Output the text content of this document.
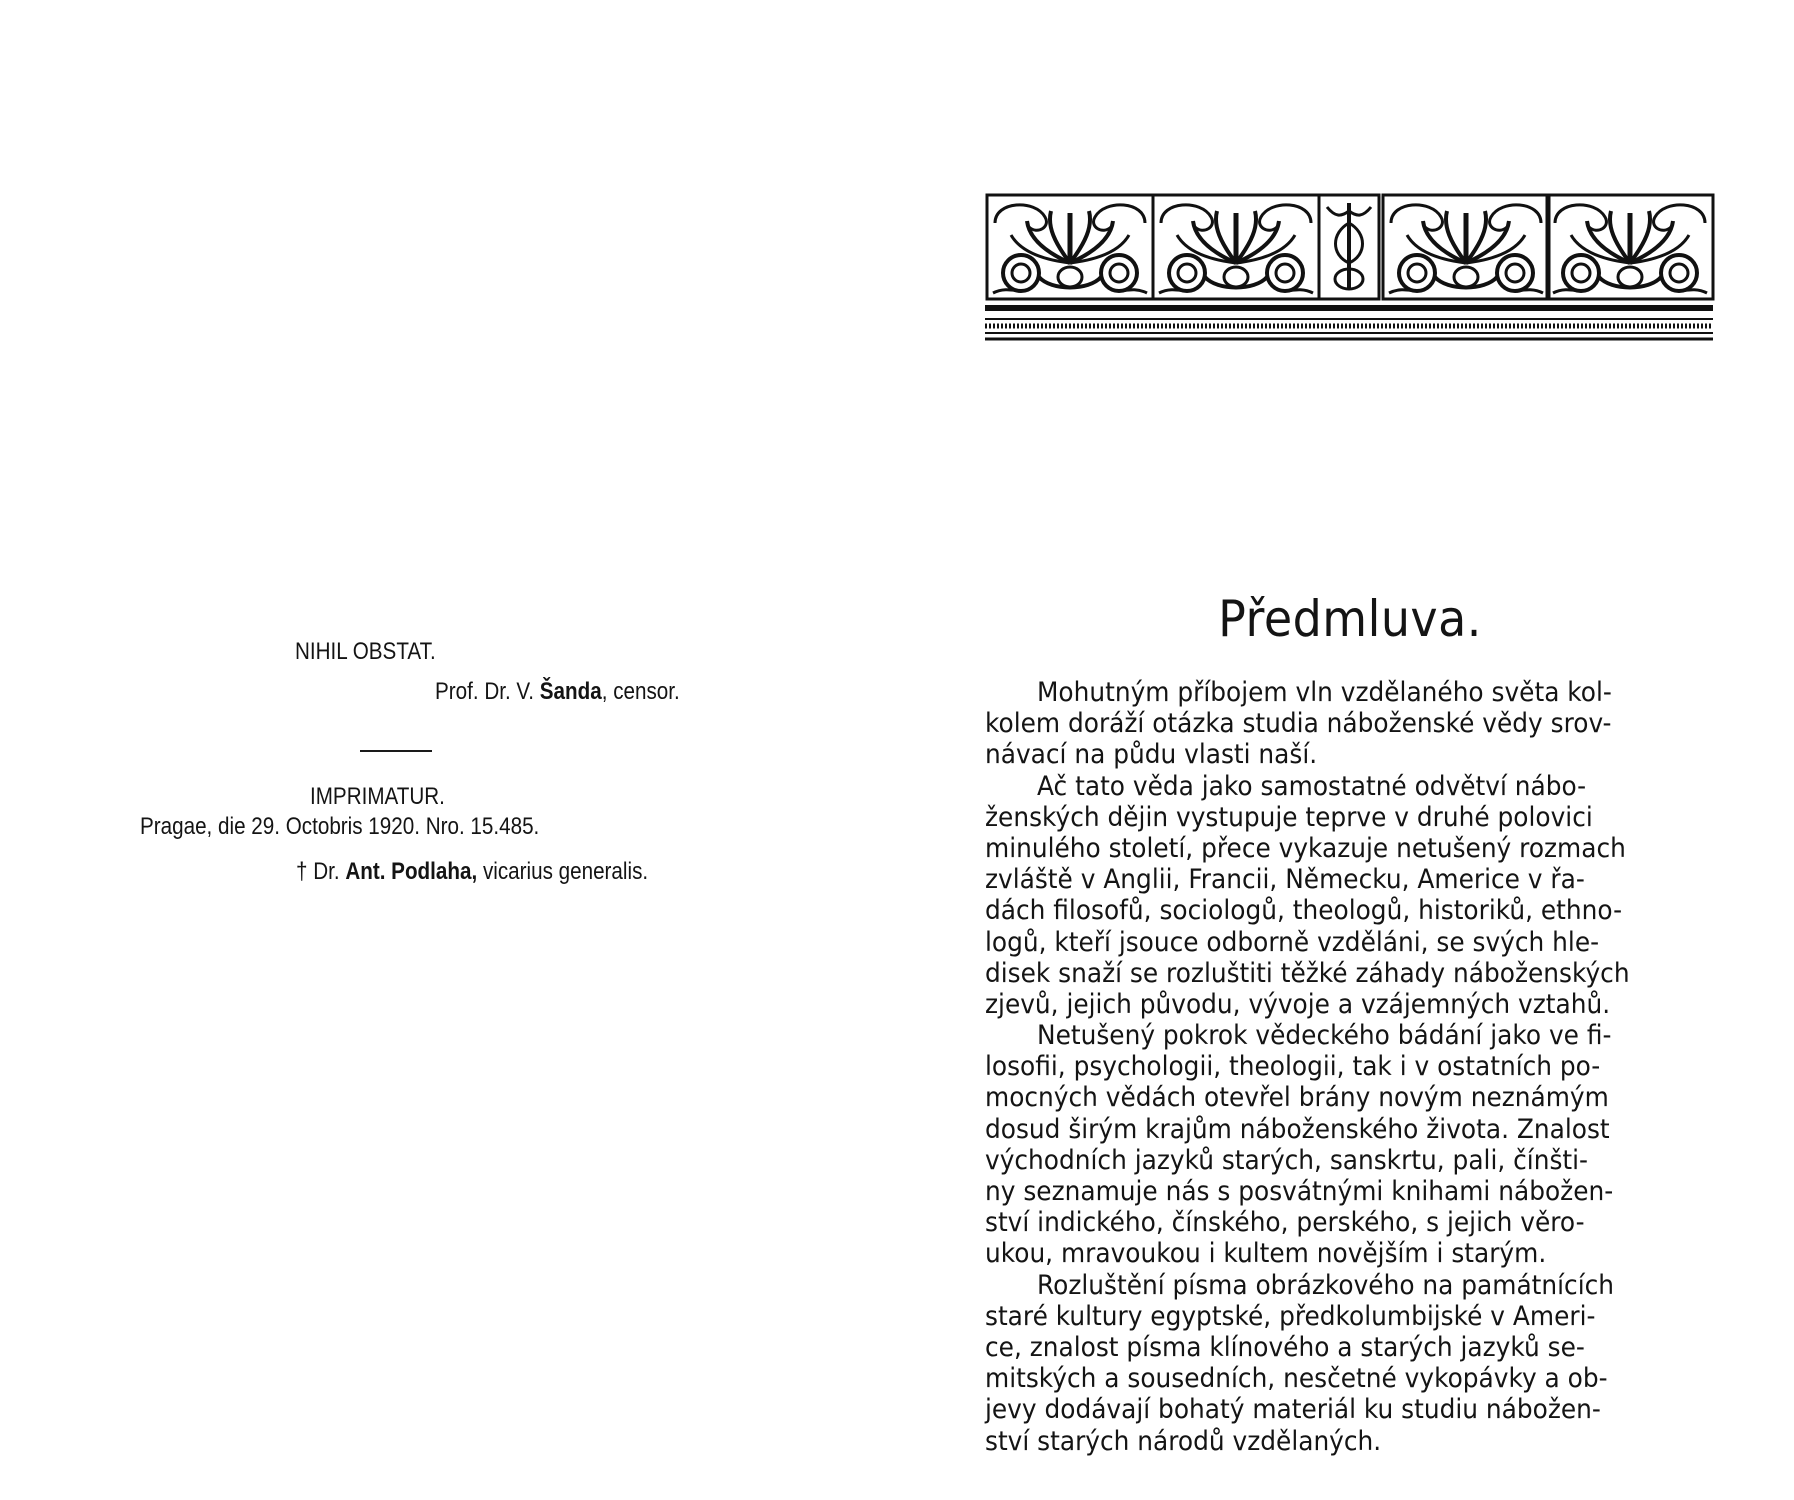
NIHIL OBSTAT.
Prof. Dr. V. Šanda, censor.
IMPRIMATUR.
Pragae, die 29. Octobris 1920. Nro. 15.485.
† Dr. Ant. Podlaha, vicarius generalis.
Předmluva.
Mohutným příbojem vln vzdělaného světa kol-
kolem doráží otázka studia náboženské vědy srov-
návací na půdu vlasti naší.
Ač tato věda jako samostatné odvětví nábo-
ženských dějin vystupuje teprve v druhé polovici
minulého století, přece vykazuje netušený rozmach
zvláště v Anglii, Francii, Německu, Americe v řa-
dách filosofů, sociologů, theologů, historiků, ethno-
logů, kteří jsouce odborně vzděláni, se svých hle-
disek snaží se rozluštiti těžké záhady náboženských
zjevů, jejich původu, vývoje a vzájemných vztahů.
Netušený pokrok vědeckého bádání jako ve fi-
losofii, psychologii, theologii, tak i v ostatních po-
mocných vědách otevřel brány novým neznámým
dosud širým krajům náboženského života. Znalost
východních jazyků starých, sanskrtu, pali, čínšti-
ny seznamuje nás s posvátnými knihami nábožen-
ství indického, čínského, perského, s jejich věro-
ukou, mravoukou i kultem novějším i starým.
Rozluštění písma obrázkového na památnících
staré kultury egyptské, předkolumbijské v Ameri-
ce, znalost písma klínového a starých jazyků se-
mitských a sousedních, nesčetné vykopávky a ob-
jevy dodávají bohatý materiál ku studiu nábožen-
ství starých národů vzdělaných.
